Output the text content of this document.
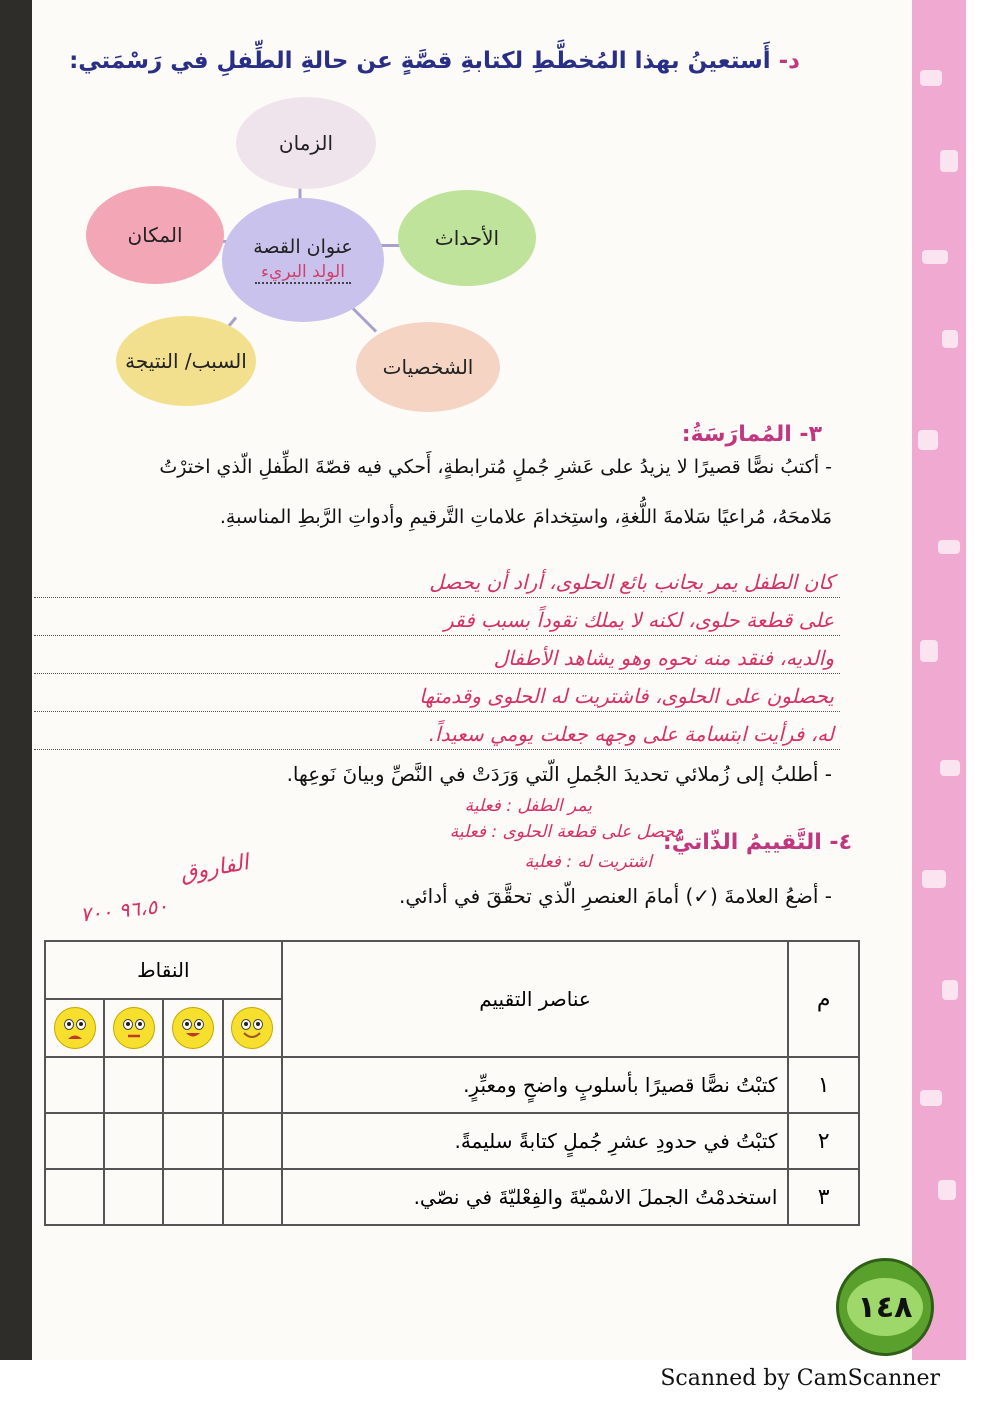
د- أَستعينُ بهذا المُخطَّطِ لكتابةِ قصَّةٍ عن حالةِ الطِّفلِ في رَسْمَتي:
الزمان
الأحداث
المكان
السبب/ النتيجة	الشخصيات
عنوان القصة
الولد البريء
٣- المُمارَسَةُ:
- أكتبُ نصًّا قصيرًا لا يزيدُ على عَشرِ جُملٍ مُترابطةٍ، أَحكي فيه قصّةَ الطِّفلِ الّذي اخترْتُ
مَلامحَهُ، مُراعيًا سَلامةَ اللُّغةِ، واستِخدامَ علاماتِ التَّرقيمِ وأدواتِ الرَّبطِ المناسبةِ.
كان الطفل يمر بجانب بائع الحلوى، أراد أن يحصل
على قطعة حلوى، لكنه لا يملك نقوداً بسبب فقر
والديه، فنقد منه نحوه وهو يشاهد الأطفال
يحصلون على الحلوى، فاشتريت له الحلوى وقدمتها
له، فرأيت ابتسامة على وجهه جعلت يومي سعيداً.
- أطلبُ إلى زُملائي تحديدَ الجُملِ الّتي وَرَدَتْ في النَّصِّ وبيانَ نَوعِها.
يمر الطفل : فعلية
٤- التَّقييمُ الذّاتيُّ:
يحصل على قطعة الحلوى : فعلية
اشتريت له : فعلية
- أضعُ العلامةَ (✓) أمامَ العنصرِ الّذي تحقَّقَ في أدائي.
الفاروق
٩٦،٥٠ ٧٠٠
م	عناصر التقييم	النقاط			

١	كتبْتُ نصًّا قصيرًا بأسلوبٍ واضحٍ ومعبِّرٍ.				
٢	كتبْتُ في حدودِ عشرِ جُملٍ كتابةً سليمةً.				
٣	استخدمْتُ الجملَ الاسْميّةَ والفِعْليّةَ في نصّي.				
١٤٨
Scanned by CamScanner
